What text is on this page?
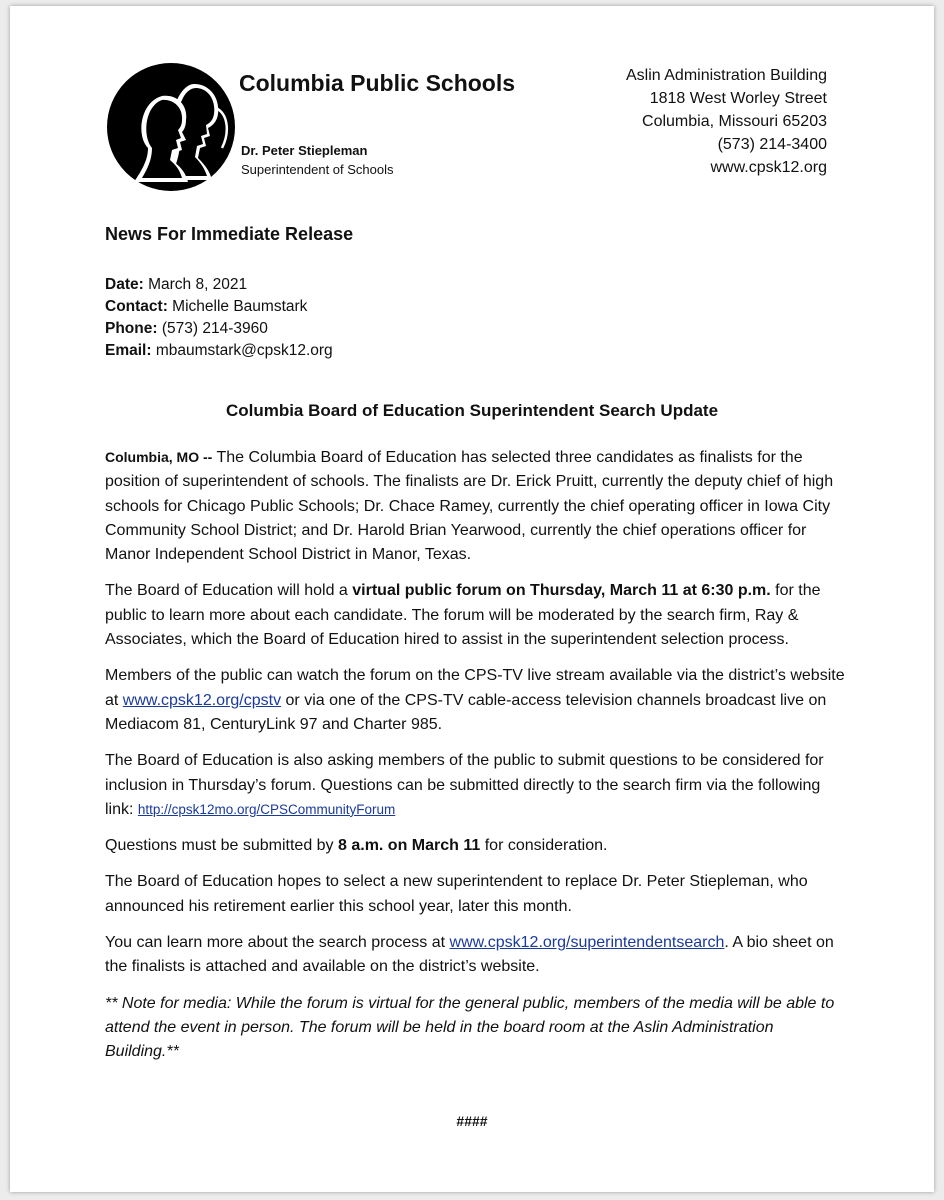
Columbia Public Schools
Dr. Peter Stiepleman
Superintendent of Schools
Aslin Administration Building
1818 West Worley Street
Columbia, Missouri 65203
(573) 214-3400
www.cpsk12.org
News For Immediate Release
Date: March 8, 2021
Contact: Michelle Baumstark
Phone: (573) 214-3960
Email: mbaumstark@cpsk12.org
Columbia Board of Education Superintendent Search Update

Columbia, MO -- The Columbia Board of Education has selected three candidates as finalists for the position of superintendent of schools. The finalists are Dr. Erick Pruitt, currently the deputy chief of high schools for Chicago Public Schools; Dr. Chace Ramey, currently the chief operating officer in Iowa City Community School District; and Dr. Harold Brian Yearwood, currently the chief operations officer for Manor Independent School District in Manor, Texas.

The Board of Education will hold a virtual public forum on Thursday, March 11 at 6:30 p.m. for the public to learn more about each candidate. The forum will be moderated by the search firm, Ray & Associates, which the Board of Education hired to assist in the superintendent selection process.

Members of the public can watch the forum on the CPS-TV live stream available via the district’s website at www.cpsk12.org/cpstv or via one of the CPS-TV cable-access television channels broadcast live on Mediacom 81, CenturyLink 97 and Charter 985.

The Board of Education is also asking members of the public to submit questions to be considered for inclusion in Thursday’s forum. Questions can be submitted directly to the search firm via the following link: http://cpsk12mo.org/CPSCommunityForum

Questions must be submitted by 8 a.m. on March 11 for consideration.

The Board of Education hopes to select a new superintendent to replace Dr. Peter Stiepleman, who announced his retirement earlier this school year, later this month.

You can learn more about the search process at www.cpsk12.org/superintendentsearch. A bio sheet on the finalists is attached and available on the district’s website.

** Note for media: While the forum is virtual for the general public, members of the media will be able to attend the event in person. The forum will be held in the board room at the Aslin Administration Building.**

####
